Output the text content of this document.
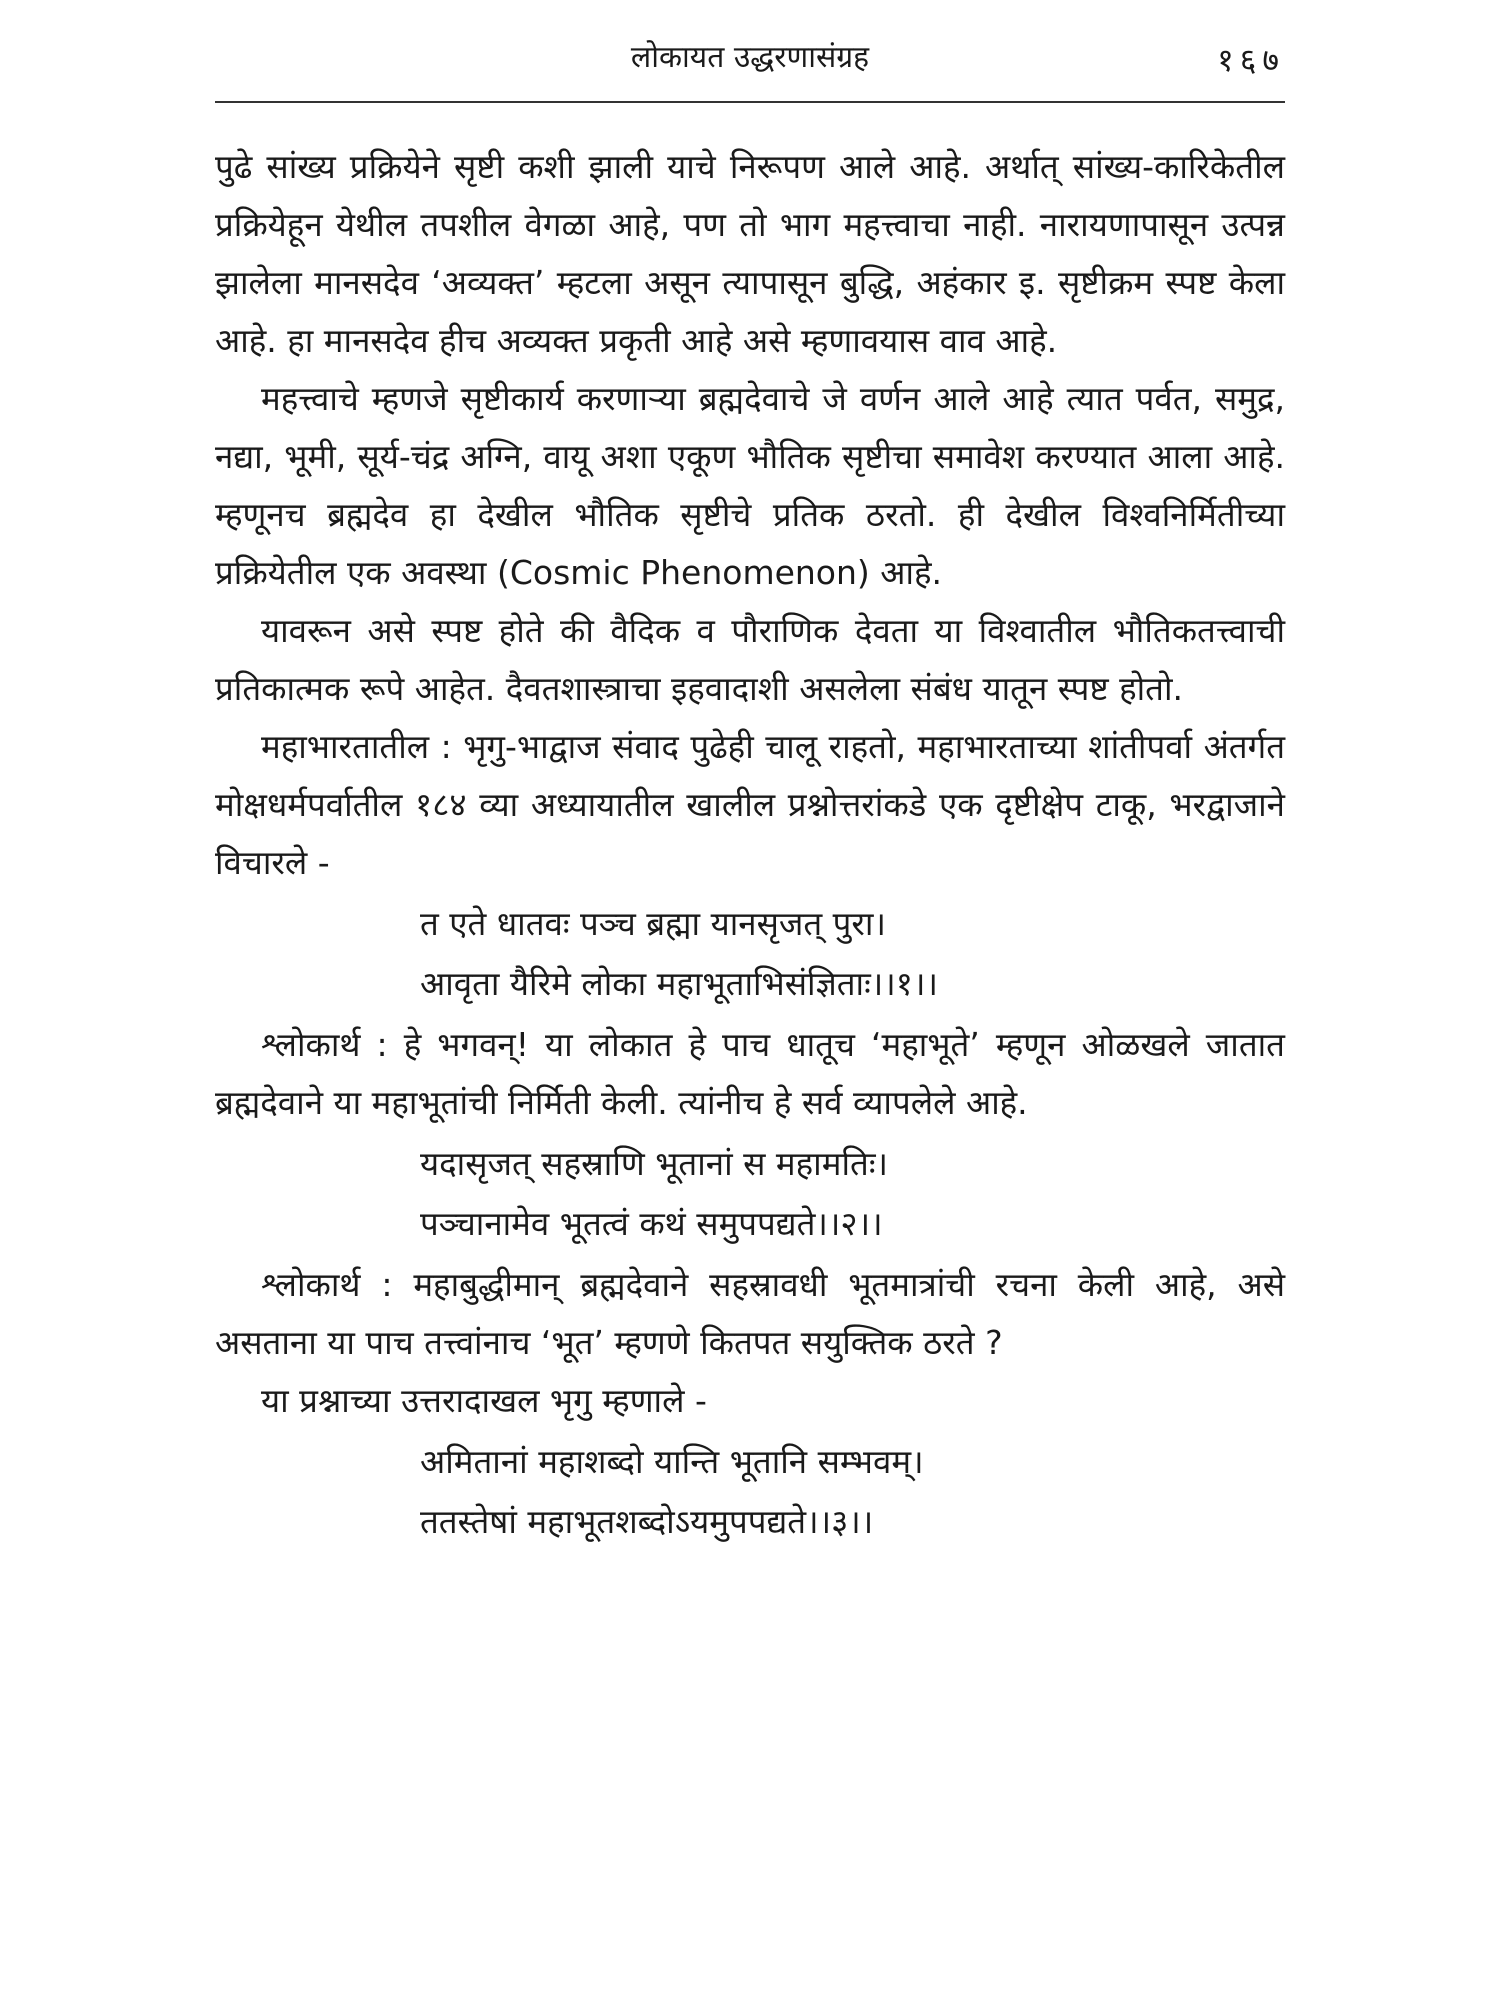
लोकायत उद्धरणासंग्रह	१६७

पुढे सांख्य प्रक्रियेने सृष्टी कशी झाली याचे निरूपण आले आहे. अर्थात् सांख्य-कारिकेतील प्रक्रियेहून येथील तपशील वेगळा आहे, पण तो भाग महत्त्वाचा नाही. नारायणापासून उत्पन्न झालेला मानसदेव ‘अव्यक्त’ म्हटला असून त्यापासून बुद्धि, अहंकार इ. सृष्टीक्रम स्पष्ट केला आहे. हा मानसदेव हीच अव्यक्त प्रकृती आहे असे म्हणावयास वाव आहे.

महत्त्वाचे म्हणजे सृष्टीकार्य करणाऱ्या ब्रह्मदेवाचे जे वर्णन आले आहे त्यात पर्वत, समुद्र, नद्या, भूमी, सूर्य-चंद्र अग्नि, वायू अशा एकूण भौतिक सृष्टीचा समावेश करण्यात आला आहे. म्हणूनच ब्रह्मदेव हा देखील भौतिक सृष्टीचे प्रतिक ठरतो. ही देखील विश्वनिर्मितीच्या प्रक्रियेतील एक अवस्था (Cosmic Phenomenon) आहे.

यावरून असे स्पष्ट होते की वैदिक व पौराणिक देवता या विश्वातील भौतिकतत्त्वाची प्रतिकात्मक रूपे आहेत. दैवतशास्त्राचा इहवादाशी असलेला संबंध यातून स्पष्ट होतो.

महाभारतातील : भृगु-भाद्वाज संवाद पुढेही चालू राहतो, महाभारताच्या शांतीपर्वा अंतर्गत मोक्षधर्मपर्वातील १८४ व्या अध्यायातील खालील प्रश्नोत्तरांकडे एक दृष्टीक्षेप टाकू, भरद्वाजाने विचारले -

त एते धातवः पञ्च ब्रह्मा यानसृजत् पुरा।
आवृता यैरिमे लोका महाभूताभिसंज्ञिताः।।१।।

श्लोकार्थ : हे भगवन्! या लोकात हे पाच धातूच ‘महाभूते’ म्हणून ओळखले जातात ब्रह्मदेवाने या महाभूतांची निर्मिती केली. त्यांनीच हे सर्व व्यापलेले आहे.

यदासृजत् सहस्राणि भूतानां स महामतिः।
पञ्चानामेव भूतत्वं कथं समुपपद्यते।।२।।

श्लोकार्थ : महाबुद्धीमान् ब्रह्मदेवाने सहस्रावधी भूतमात्रांची रचना केली आहे, असे असताना या पाच तत्त्वांनाच ‘भूत’ म्हणणे कितपत सयुक्तिक ठरते ?

या प्रश्नाच्या उत्तरादाखल भृगु म्हणाले -

अमितानां महाशब्दो यान्ति भूतानि सम्भवम्।
ततस्तेषां महाभूतशब्दोऽयमुपपद्यते।।३।।
